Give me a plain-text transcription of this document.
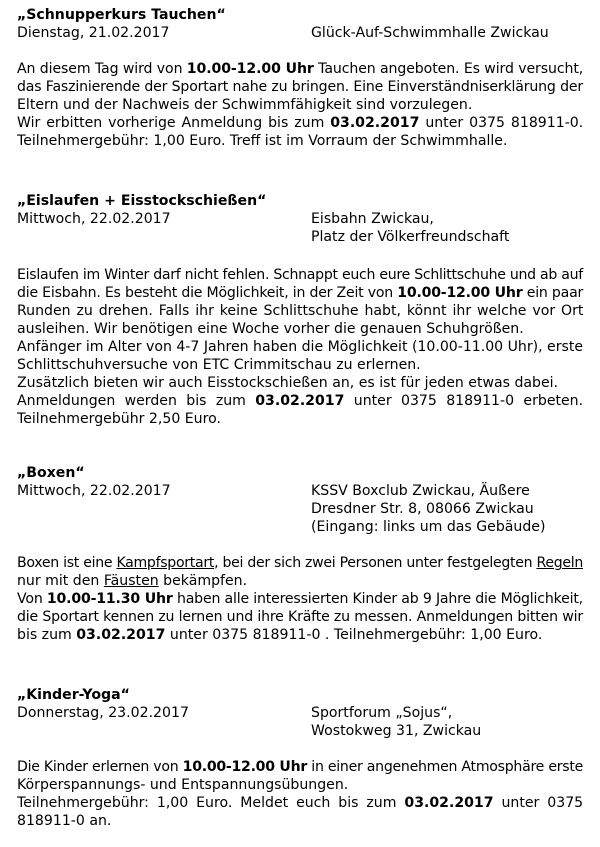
„Schnupperkurs Tauchen“
Dienstag, 21.02.2017	Glück-Auf-Schwimmhalle Zwickau
An diesem Tag wird von 10.00-12.00 Uhr Tauchen angeboten. Es wird versucht,
das Faszinierende der Sportart nahe zu bringen. Eine Einverständniserklärung der
Eltern und der Nachweis der Schwimmfähigkeit sind vorzulegen.
Wir erbitten vorherige Anmeldung bis zum 03.02.2017 unter 0375 818911-0.
Teilnehmergebühr: 1,00 Euro. Treff ist im Vorraum der Schwimmhalle.
„Eislaufen + Eisstockschießen“
Mittwoch, 22.02.2017	Eisbahn Zwickau,
Platz der Völkerfreundschaft
Eislaufen im Winter darf nicht fehlen. Schnappt euch eure Schlittschuhe und ab auf
die Eisbahn. Es besteht die Möglichkeit, in der Zeit von 10.00-12.00 Uhr ein paar
Runden zu drehen. Falls ihr keine Schlittschuhe habt, könnt ihr welche vor Ort
ausleihen. Wir benötigen eine Woche vorher die genauen Schuhgrößen.
Anfänger im Alter von 4-7 Jahren haben die Möglichkeit (10.00-11.00 Uhr), erste
Schlittschuhversuche von ETC Crimmitschau zu erlernen.
Zusätzlich bieten wir auch Eisstockschießen an, es ist für jeden etwas dabei.
Anmeldungen werden bis zum 03.02.2017 unter 0375 818911-0 erbeten.
Teilnehmergebühr 2,50 Euro.
„Boxen“
Mittwoch, 22.02.2017	KSSV Boxclub Zwickau, Äußere
Dresdner Str. 8, 08066 Zwickau
(Eingang: links um das Gebäude)
Boxen ist eine Kampfsportart, bei der sich zwei Personen unter festgelegten Regeln
nur mit den Fäusten bekämpfen.
Von 10.00-11.30 Uhr haben alle interessierten Kinder ab 9 Jahre die Möglichkeit,
die Sportart kennen zu lernen und ihre Kräfte zu messen. Anmeldungen bitten wir
bis zum 03.02.2017 unter 0375 818911-0 . Teilnehmergebühr: 1,00 Euro.
„Kinder-Yoga“
Donnerstag, 23.02.2017	Sportforum „Sojus“,
Wostokweg 31, Zwickau
Die Kinder erlernen von 10.00-12.00 Uhr in einer angenehmen Atmosphäre erste
Körperspannungs- und Entspannungsübungen.
Teilnehmergebühr: 1,00 Euro. Meldet euch bis zum 03.02.2017 unter 0375
818911-0 an.
